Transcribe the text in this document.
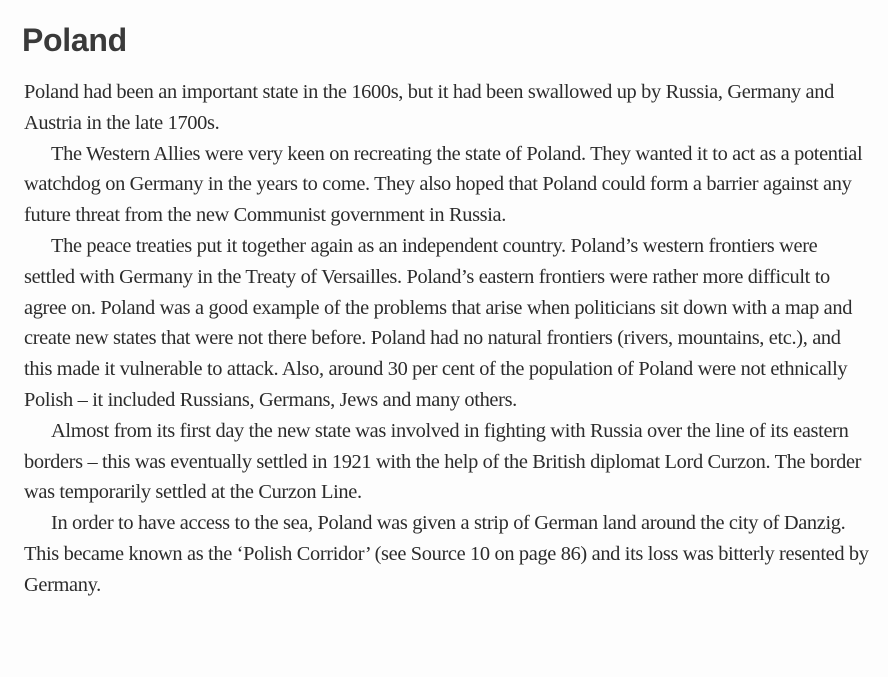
Poland

Poland had been an important state in the 1600s, but it had been swallowed up by Russia, Germany and Austria in the late 1700s.

The Western Allies were very keen on recreating the state of Poland. They wanted it to act as a potential watchdog on Germany in the years to come. They also hoped that Poland could form a barrier against any future threat from the new Communist government in Russia.

The peace treaties put it together again as an independent country. Poland’s western frontiers were settled with Germany in the Treaty of Versailles. Poland’s eastern frontiers were rather more difficult to agree on. Poland was a good example of the problems that arise when politicians sit down with a map and create new states that were not there before. Poland had no natural frontiers (rivers, mountains, etc.), and this made it vulnerable to attack. Also, around 30 per cent of the population of Poland were not ethnically Polish – it included Russians, Germans, Jews and many others.

Almost from its first day the new state was involved in fighting with Russia over the line of its eastern borders – this was eventually settled in 1921 with the help of the British diplomat Lord Curzon. The border was temporarily settled at the Curzon Line.

In order to have access to the sea, Poland was given a strip of German land around the city of Danzig. This became known as the ‘Polish Corridor’ (see Source 10 on page 86) and its loss was bitterly resented by Germany.
